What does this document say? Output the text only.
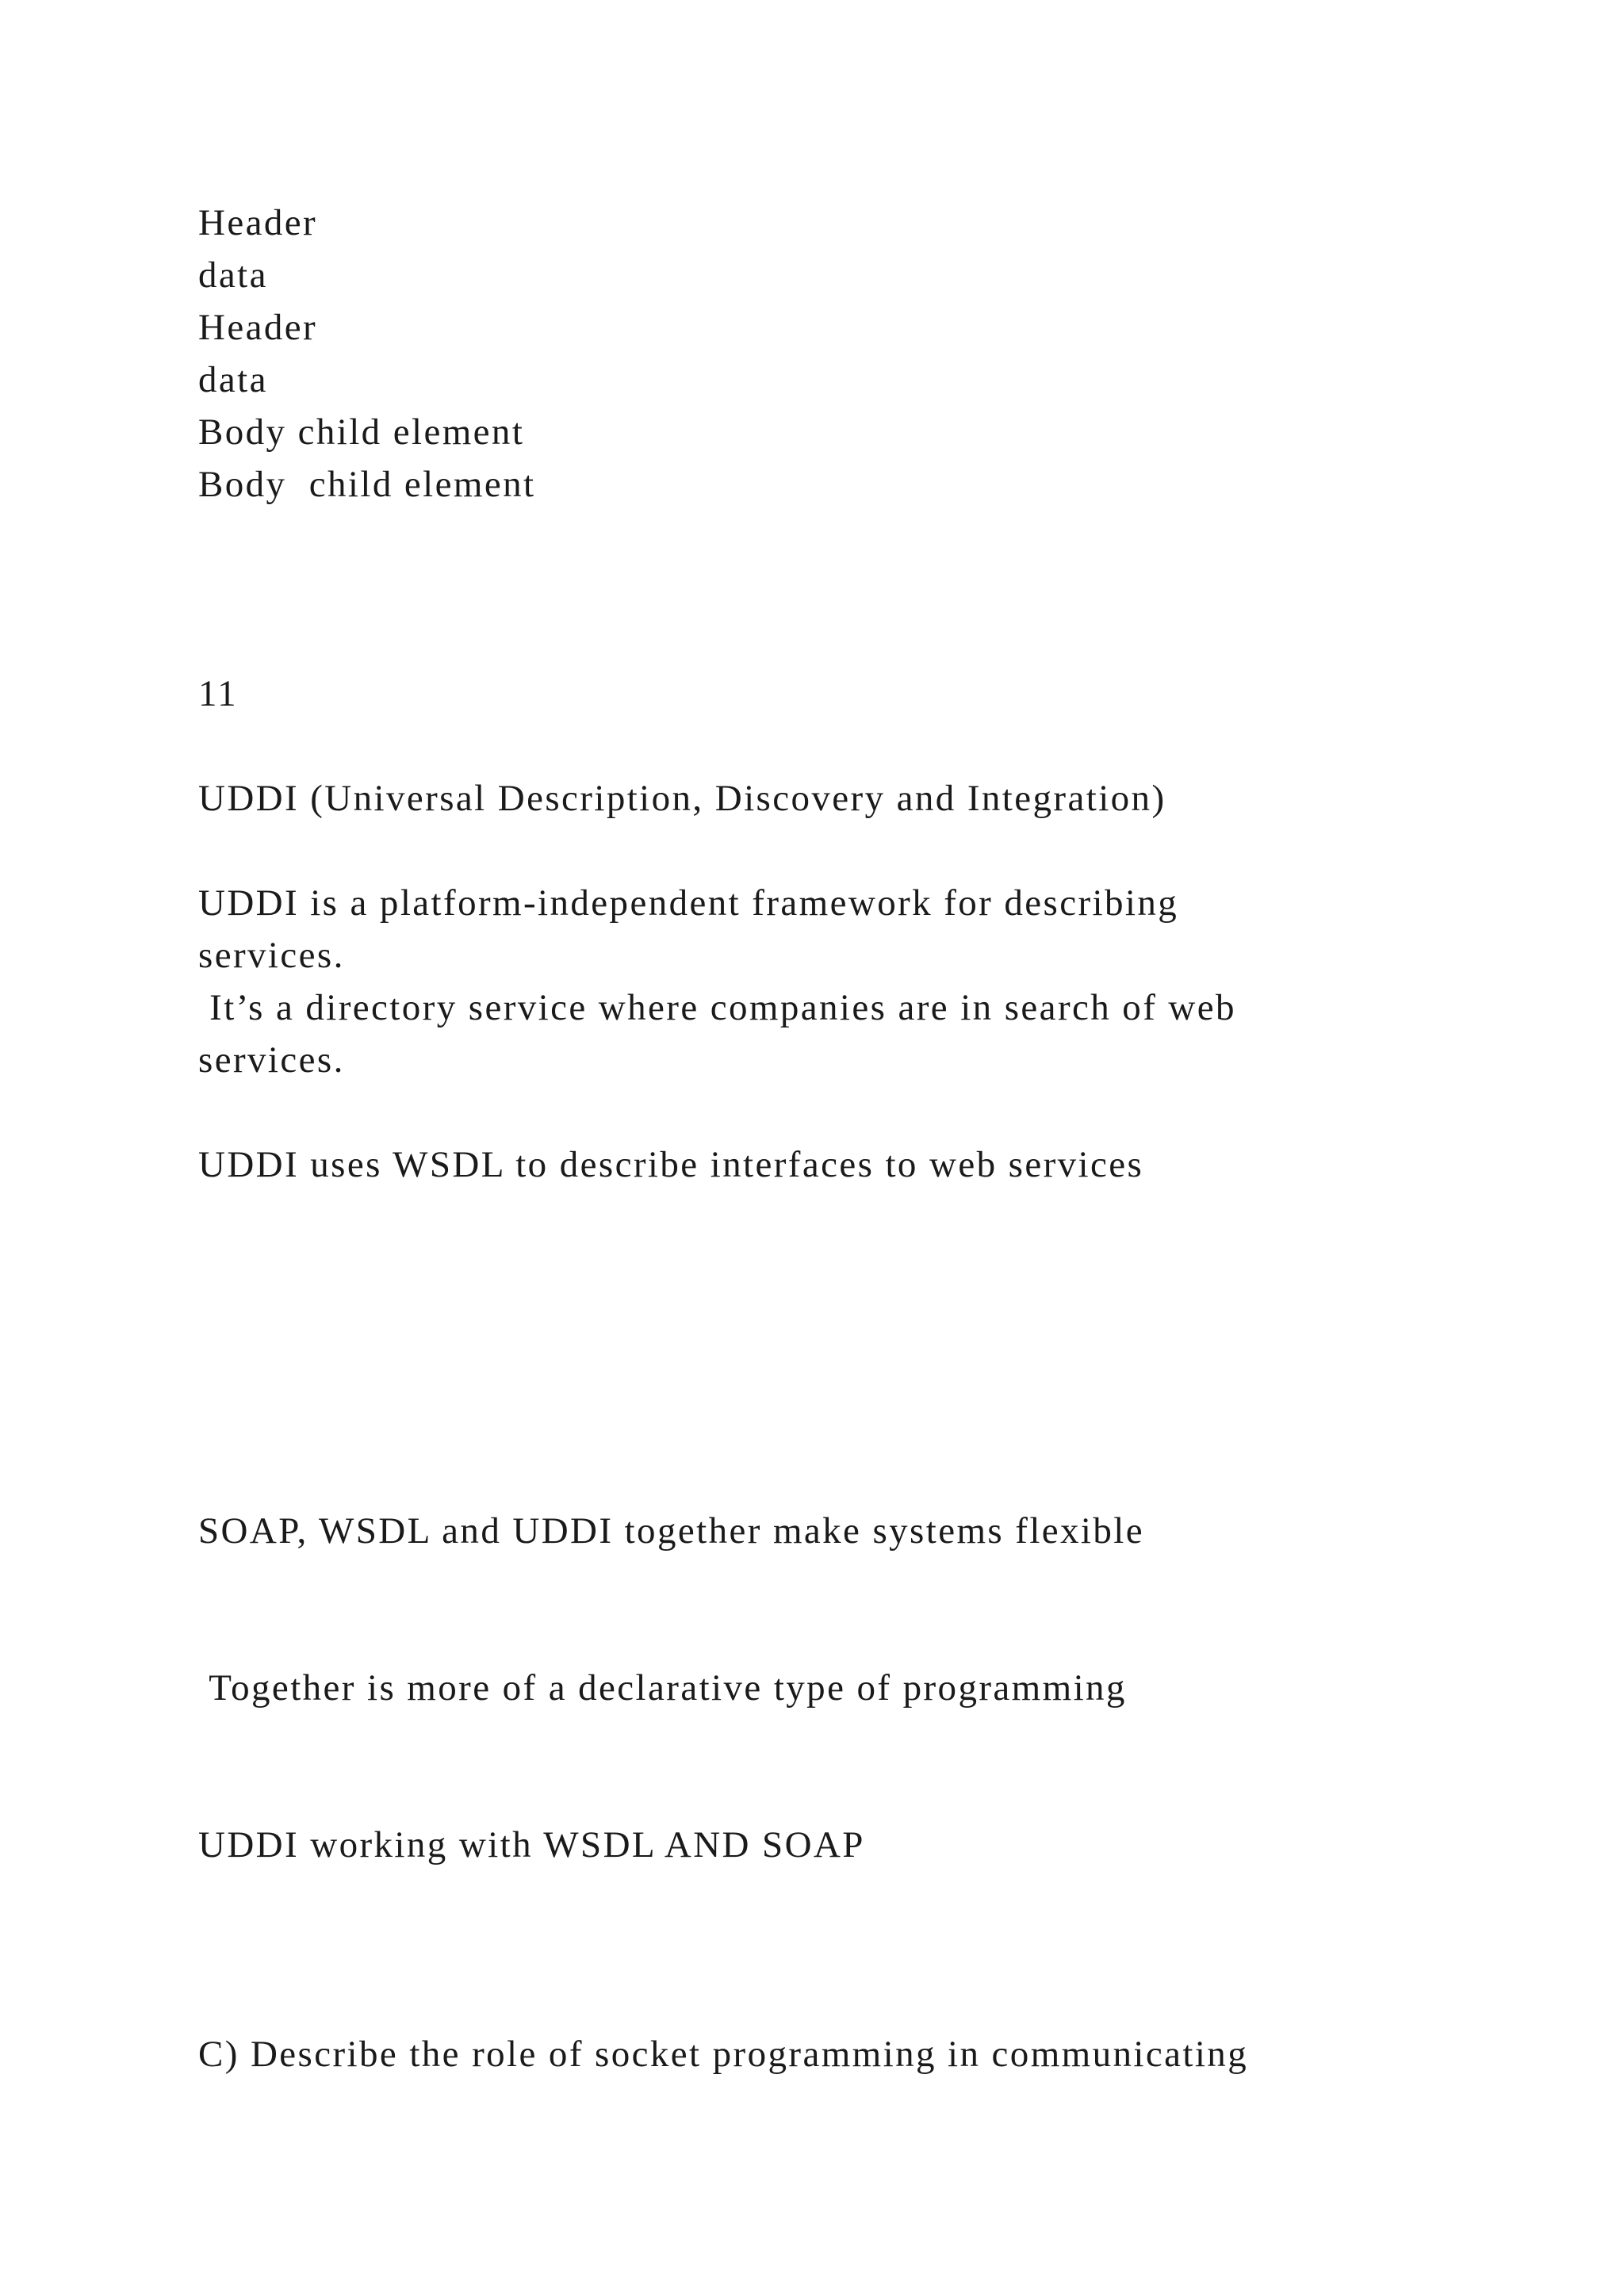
Header

data

Header

data

Body child element

Body  child element

11

UDDI (Universal Description, Discovery and Integration)

UDDI is a platform-independent framework for describing

services.

It’s a directory service where companies are in search of web

services.

UDDI uses WSDL to describe interfaces to web services

SOAP, WSDL and UDDI together make systems flexible

Together is more of a declarative type of programming

UDDI working with WSDL AND SOAP

C) Describe the role of socket programming in communicating
